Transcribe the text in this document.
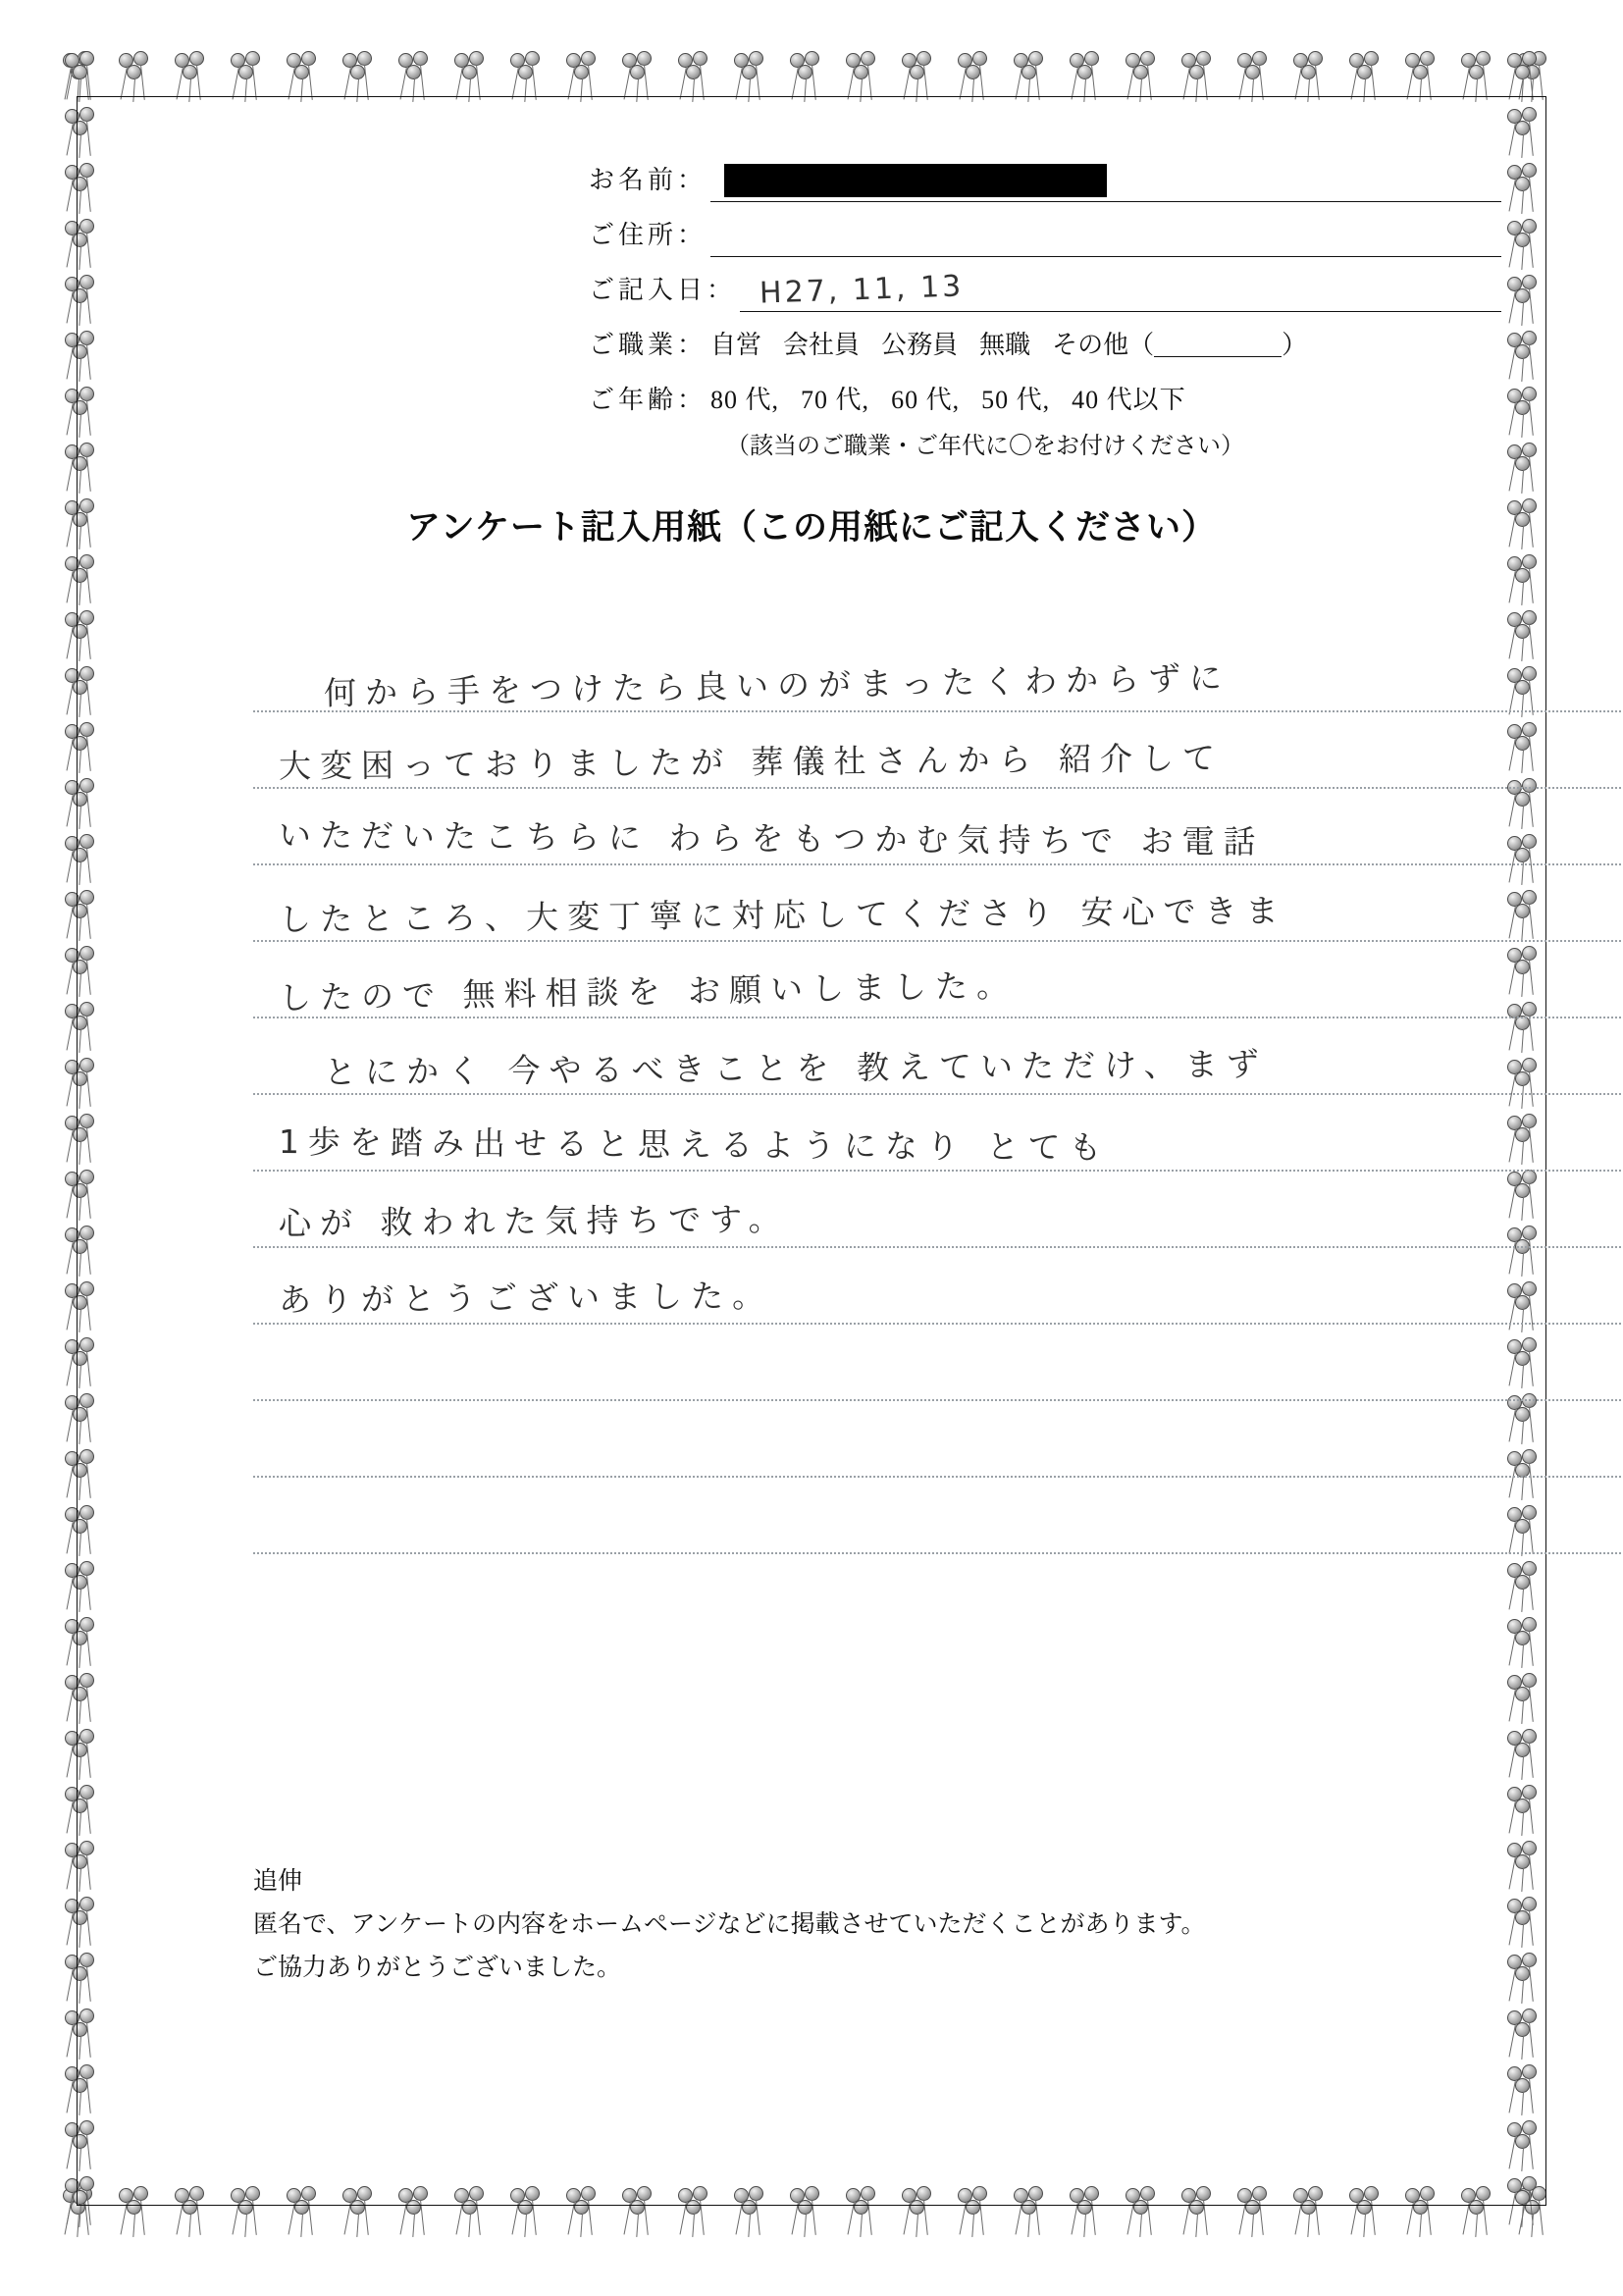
お名前 ：
ご住所 ：
ご記入日 ： H27, 11, 13
ご職業 ： 自営 会社員 公務員 無職 その他（	）
ご年齢 ： 80 代, 70 代, 60 代, 50 代, 40 代以下
（該当のご職業・ご年代に〇をお付けください）
アンケート記入用紙（この用紙にご記入ください）
何から手をつけたら良いのがまったくわからずに
大変困っておりましたが 葬儀社さんから 紹介して
いただいたこちらに わらをもつかむ気持ちで お電話
したところ、大変丁寧に対応してくださり 安心できま
したので 無料相談を お願いしました。
とにかく 今やるべきことを 教えていただけ、まず
1歩を踏み出せると思えるようになり とても
心が 救われた気持ちです。
ありがとうございました。
追伸
匿名で、アンケートの内容をホームページなどに掲載させていただくことがあります。
ご協力ありがとうございました。
